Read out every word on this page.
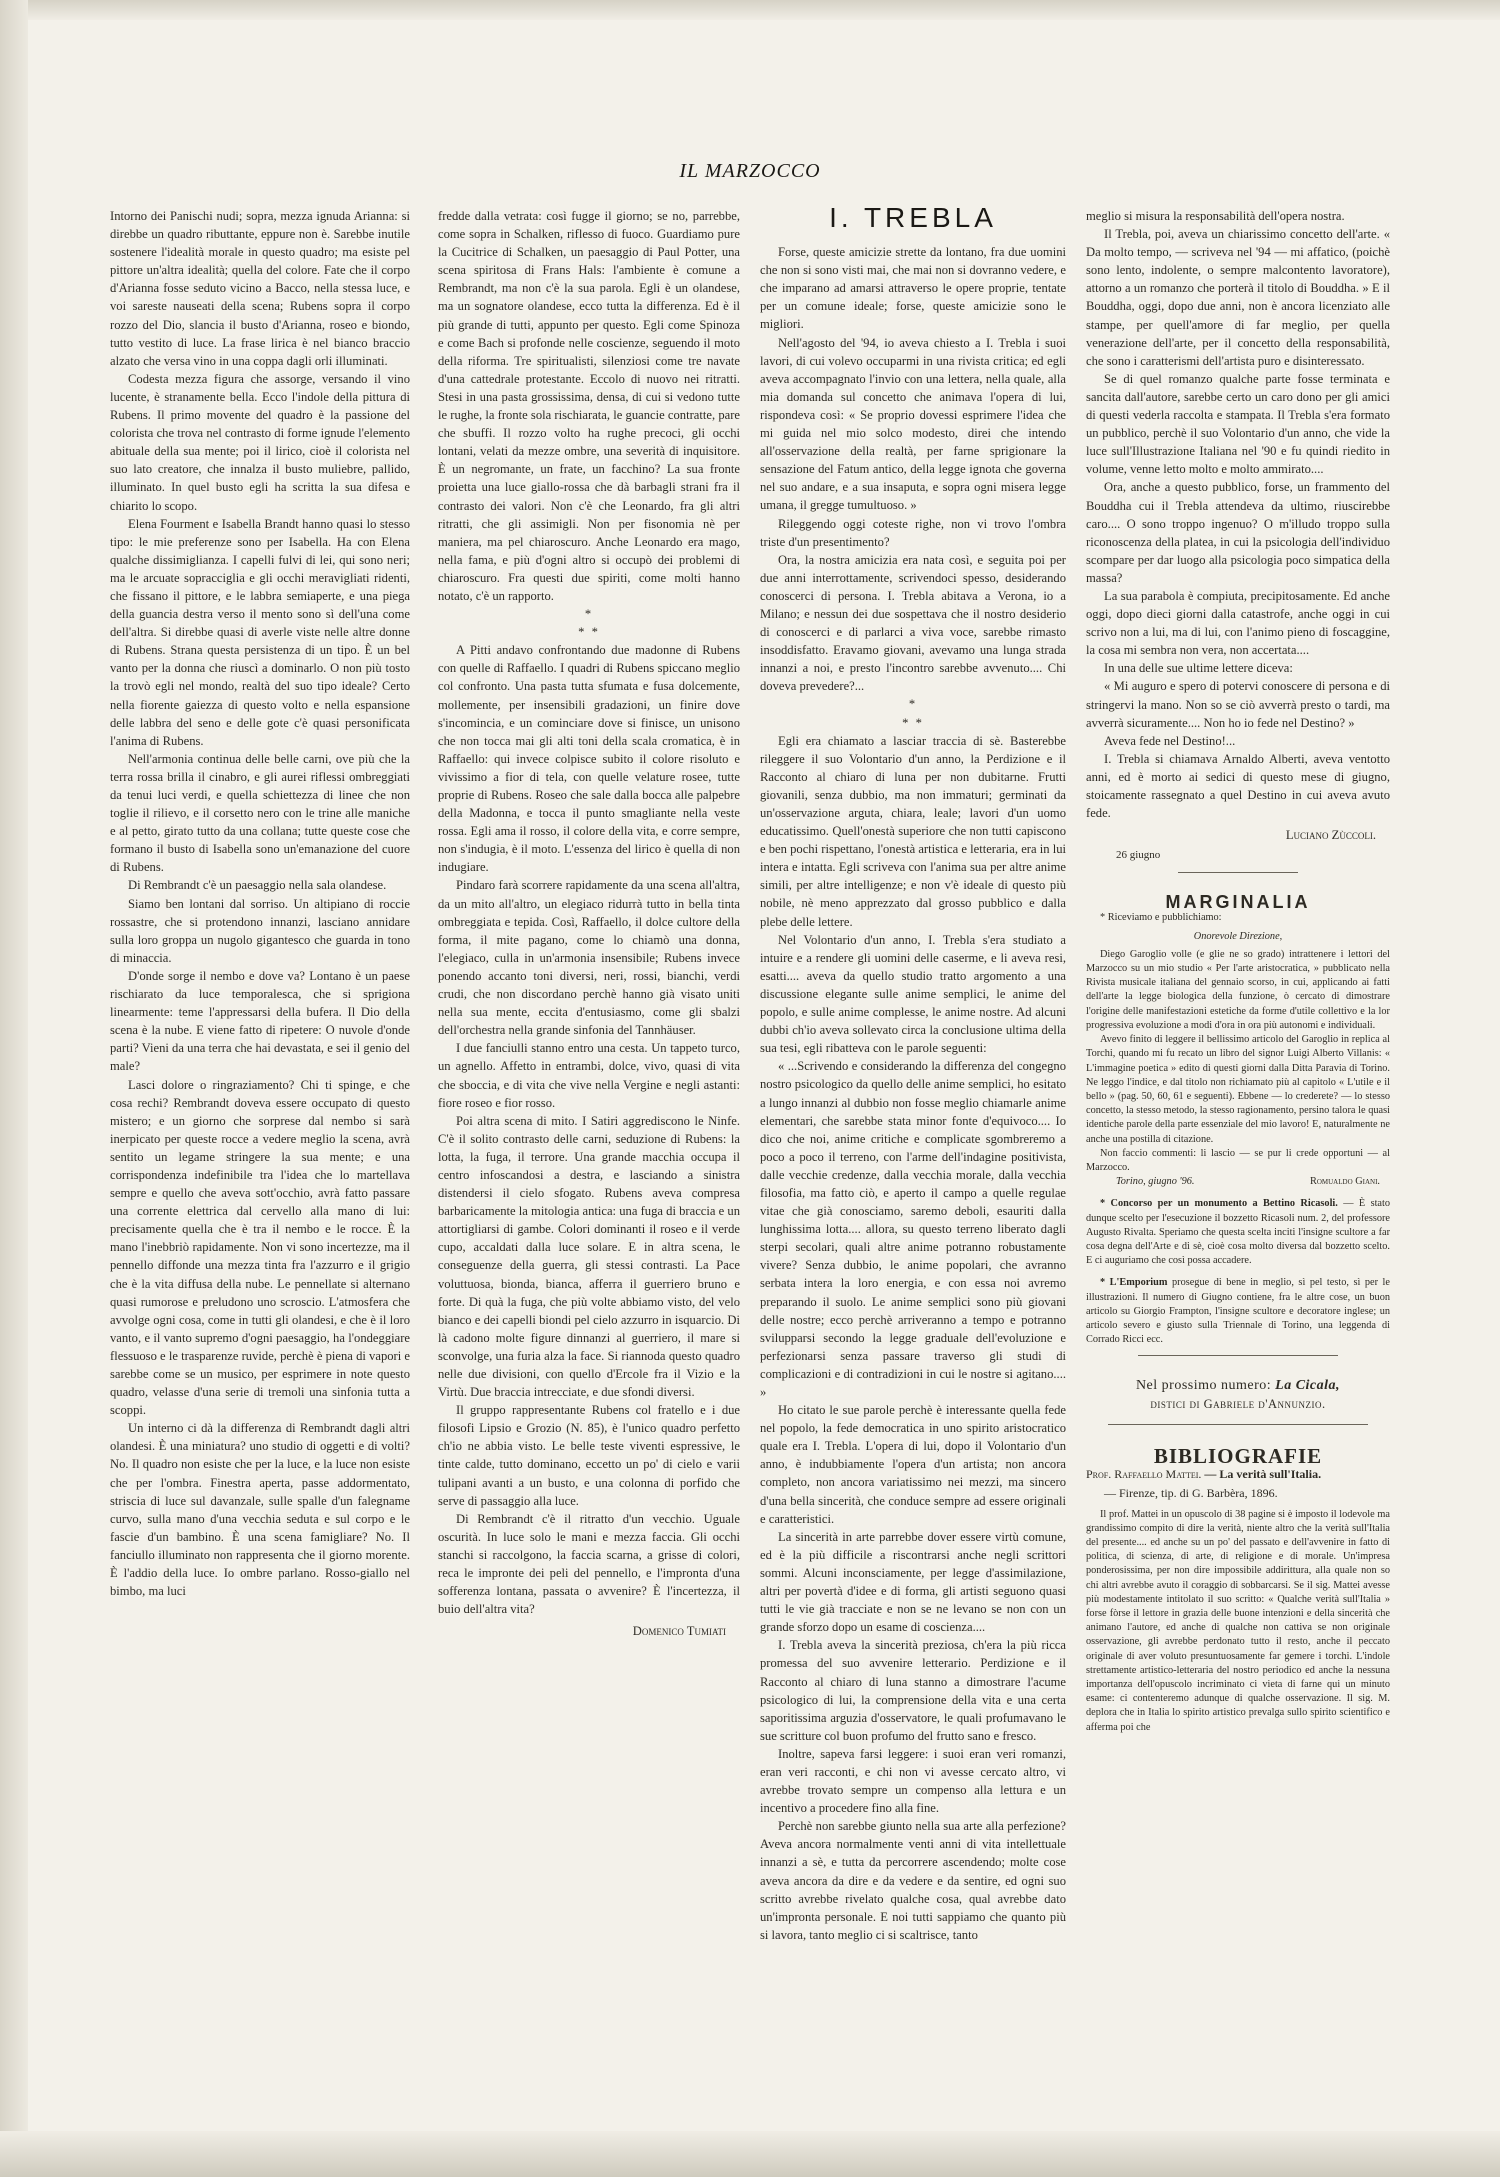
IL MARZOCCO

Intorno dei Panischi nudi; sopra, mezza ignuda Arianna: si direbbe un quadro ributtante, eppure non è. Sarebbe inutile sostenere l'idealità morale in questo quadro; ma esiste pel pittore un'altra idealità; quella del colore. Fate che il corpo d'Arianna fosse seduto vicino a Bacco, nella stessa luce, e voi sareste nauseati della scena; Rubens sopra il corpo rozzo del Dio, slancia il busto d'Arianna, roseo e biondo, tutto vestito di luce. La frase lirica è nel bianco braccio alzato che versa vino in una coppa dagli orli illuminati.

Codesta mezza figura che assorge, versando il vino lucente, è stranamente bella. Ecco l'indole della pittura di Rubens. Il primo movente del quadro è la passione del colorista che trova nel contrasto di forme ignude l'elemento abituale della sua mente; poi il lirico, cioè il colorista nel suo lato creatore, che innalza il busto muliebre, pallido, illuminato. In quel busto egli ha scritta la sua difesa e chiarito lo scopo.

Elena Fourment e Isabella Brandt hanno quasi lo stesso tipo: le mie preferenze sono per Isabella. Ha con Elena qualche dissimiglianza. I capelli fulvi di lei, qui sono neri; ma le arcuate sopracciglia e gli occhi meravigliati ridenti, che fissano il pittore, e le labbra semiaperte, e una piega della guancia destra verso il mento sono sì dell'una come dell'altra. Si direbbe quasi di averle viste nelle altre donne di Rubens. Strana questa persistenza di un tipo. È un bel vanto per la donna che riuscì a dominarlo. O non più tosto la trovò egli nel mondo, realtà del suo tipo ideale? Certo nella fiorente gaiezza di questo volto e nella espansione delle labbra del seno e delle gote c'è quasi personificata l'anima di Rubens.

Nell'armonia continua delle belle carni, ove più che la terra rossa brilla il cinabro, e gli aurei riflessi ombreggiati da tenui luci verdi, e quella schiettezza di linee che non toglie il rilievo, e il corsetto nero con le trine alle maniche e al petto, girato tutto da una collana; tutte queste cose che formano il busto di Isabella sono un'emanazione del cuore di Rubens.

Di Rembrandt c'è un paesaggio nella sala olandese.

Siamo ben lontani dal sorriso. Un altipiano di roccie rossastre, che si protendono innanzi, lasciano annidare sulla loro groppa un nugolo gigantesco che guarda in tono di minaccia.

D'onde sorge il nembo e dove va? Lontano è un paese rischiarato da luce temporalesca, che si sprigiona linearmente: teme l'appressarsi della bufera. Il Dio della scena è la nube. E viene fatto di ripetere: O nuvole d'onde parti? Vieni da una terra che hai devastata, e sei il genio del male?

Lasci dolore o ringraziamento? Chi ti spinge, e che cosa rechi? Rembrandt doveva essere occupato di questo mistero; e un giorno che sorprese dal nembo si sarà inerpicato per queste rocce a vedere meglio la scena, avrà sentito un legame stringere la sua mente; e una corrispondenza indefinibile tra l'idea che lo martellava sempre e quello che aveva sott'occhio, avrà fatto passare una corrente elettrica dal cervello alla mano di lui: precisamente quella che è tra il nembo e le rocce. È la mano l'inebbriò rapidamente. Non vi sono incertezze, ma il pennello diffonde una mezza tinta fra l'azzurro e il grigio che è la vita diffusa della nube. Le pennellate si alternano quasi rumorose e preludono uno scroscio. L'atmosfera che avvolge ogni cosa, come in tutti gli olandesi, e che è il loro vanto, e il vanto supremo d'ogni paesaggio, ha l'ondeggiare flessuoso e le trasparenze ruvide, perchè è piena di vapori e sarebbe come se un musico, per esprimere in note questo quadro, velasse d'una serie di tremoli una sinfonia tutta a scoppi.

Un interno ci dà la differenza di Rembrandt dagli altri olandesi. È una miniatura? uno studio di oggetti e di volti? No. Il quadro non esiste che per la luce, e la luce non esiste che per l'ombra. Finestra aperta, passe addormentato, striscia di luce sul davanzale, sulle spalle d'un falegname curvo, sulla mano d'una vecchia seduta e sul corpo e le fascie d'un bambino. È una scena famigliare? No. Il fanciullo illuminato non rappresenta che il giorno morente. È l'addio della luce. Io ombre parlano. Rosso-giallo nel bimbo, ma luci

fredde dalla vetrata: così fugge il giorno; se no, parrebbe, come sopra in Schalken, riflesso di fuoco. Guardiamo pure la Cucitrice di Schalken, un paesaggio di Paul Potter, una scena spiritosa di Frans Hals: l'ambiente è comune a Rembrandt, ma non c'è la sua parola. Egli è un olandese, ma un sognatore olandese, ecco tutta la differenza. Ed è il più grande di tutti, appunto per questo. Egli come Spinoza e come Bach si profonde nelle coscienze, seguendo il moto della riforma. Tre spiritualisti, silenziosi come tre navate d'una cattedrale protestante. Eccolo di nuovo nei ritratti. Stesi in una pasta grossissima, densa, di cui si vedono tutte le rughe, la fronte sola rischiarata, le guancie contratte, pare che sbuffi. Il rozzo volto ha rughe precoci, gli occhi lontani, velati da mezze ombre, una severità di inquisitore. È un negromante, un frate, un facchino? La sua fronte proietta una luce giallo-rossa che dà barbagli strani fra il contrasto dei valori. Non c'è che Leonardo, fra gli altri ritratti, che gli assimigli. Non per fisonomia nè per maniera, ma pel chiaroscuro. Anche Leonardo era mago, nella fama, e più d'ogni altro si occupò dei problemi di chiaroscuro. Fra questi due spiriti, come molti hanno notato, c'è un rapporto.

*
* *

A Pitti andavo confrontando due madonne di Rubens con quelle di Raffaello. I quadri di Rubens spiccano meglio col confronto. Una pasta tutta sfumata e fusa dolcemente, mollemente, per insensibili gradazioni, un finire dove s'incomincia, e un cominciare dove si finisce, un unisono che non tocca mai gli alti toni della scala cromatica, è in Raffaello: qui invece colpisce subito il colore risoluto e vivissimo a fior di tela, con quelle velature rosee, tutte proprie di Rubens. Roseo che sale dalla bocca alle palpebre della Madonna, e tocca il punto smagliante nella veste rossa. Egli ama il rosso, il colore della vita, e corre sempre, non s'indugia, è il moto. L'essenza del lirico è quella di non indugiare.

Pindaro farà scorrere rapidamente da una scena all'altra, da un mito all'altro, un elegiaco ridurrà tutto in bella tinta ombreggiata e tepida. Così, Raffaello, il dolce cultore della forma, il mite pagano, come lo chiamò una donna, l'elegiaco, culla in un'armonia insensibile; Rubens invece ponendo accanto toni diversi, neri, rossi, bianchi, verdi crudi, che non discordano perchè hanno già visato uniti nella sua mente, eccita d'entusiasmo, come gli sbalzi dell'orchestra nella grande sinfonia del Tannhäuser.

I due fanciulli stanno entro una cesta. Un tappeto turco, un agnello. Affetto in entrambi, dolce, vivo, quasi di vita che sboccia, e di vita che vive nella Vergine e negli astanti: fiore roseo e fior rosso.

Poi altra scena di mito. I Satiri aggrediscono le Ninfe. C'è il solito contrasto delle carni, seduzione di Rubens: la lotta, la fuga, il terrore. Una grande macchia occupa il centro infoscandosi a destra, e lasciando a sinistra distendersi il cielo sfogato. Rubens aveva compresa barbaricamente la mitologia antica: una fuga di braccia e un attortigliarsi di gambe. Colori dominanti il roseo e il verde cupo, accaldati dalla luce solare. E in altra scena, le conseguenze della guerra, gli stessi contrasti. La Pace voluttuosa, bionda, bianca, afferra il guerriero bruno e forte. Di quà la fuga, che più volte abbiamo visto, del velo bianco e dei capelli biondi pel cielo azzurro in isquarcio. Di là cadono molte figure dinnanzi al guerriero, il mare si sconvolge, una furia alza la face. Si riannoda questo quadro nelle due divisioni, con quello d'Ercole fra il Vizio e la Virtù. Due braccia intrecciate, e due sfondi diversi.

Il gruppo rappresentante Rubens col fratello e i due filosofi Lipsio e Grozio (N. 85), è l'unico quadro perfetto ch'io ne abbia visto. Le belle teste viventi espressive, le tinte calde, tutto dominano, eccetto un po' di cielo e varii tulipani avanti a un busto, e una colonna di porfido che serve di passaggio alla luce.

Di Rembrandt c'è il ritratto d'un vecchio. Uguale oscurità. In luce solo le mani e mezza faccia. Gli occhi stanchi si raccolgono, la faccia scarna, a grisse di colori, reca le impronte dei peli del pennello, e l'impronta d'una sofferenza lontana, passata o avvenire? È l'incertezza, il buio dell'altra vita?

Domenico Tumiati

I. TREBLA

Forse, queste amicizie strette da lontano, fra due uomini che non si sono visti mai, che mai non si dovranno vedere, e che imparano ad amarsi attraverso le opere proprie, tentate per un comune ideale; forse, queste amicizie sono le migliori.

Nell'agosto del '94, io aveva chiesto a I. Trebla i suoi lavori, di cui volevo occuparmi in una rivista critica; ed egli aveva accompagnato l'invio con una lettera, nella quale, alla mia domanda sul concetto che animava l'opera di lui, rispondeva così: « Se proprio dovessi esprimere l'idea che mi guida nel mio solco modesto, direi che intendo all'osservazione della realtà, per farne sprigionare la sensazione del Fatum antico, della legge ignota che governa nel suo andare, e a sua insaputa, e sopra ogni misera legge umana, il gregge tumultuoso. »

Rileggendo oggi coteste righe, non vi trovo l'ombra triste d'un presentimento?

Ora, la nostra amicizia era nata così, e seguita poi per due anni interrottamente, scrivendoci spesso, desiderando conoscerci di persona. I. Trebla abitava a Verona, io a Milano; e nessun dei due sospettava che il nostro desiderio di conoscerci e di parlarci a viva voce, sarebbe rimasto insoddisfatto. Eravamo giovani, avevamo una lunga strada innanzi a noi, e presto l'incontro sarebbe avvenuto.... Chi doveva prevedere?...

*
* *

Egli era chiamato a lasciar traccia di sè. Basterebbe rileggere il suo Volontario d'un anno, la Perdizione e il Racconto al chiaro di luna per non dubitarne. Frutti giovanili, senza dubbio, ma non immaturi; germinati da un'osservazione arguta, chiara, leale; lavori d'un uomo educatissimo. Quell'onestà superiore che non tutti capiscono e ben pochi rispettano, l'onestà artistica e letteraria, era in lui intera e intatta. Egli scriveva con l'anima sua per altre anime simili, per altre intelligenze; e non v'è ideale di questo più nobile, nè meno apprezzato dal grosso pubblico e dalla plebe delle lettere.

Nel Volontario d'un anno, I. Trebla s'era studiato a intuire e a rendere gli uomini delle caserme, e li aveva resi, esatti.... aveva da quello studio tratto argomento a una discussione elegante sulle anime semplici, le anime del popolo, e sulle anime complesse, le anime nostre. Ad alcuni dubbi ch'io aveva sollevato circa la conclusione ultima della sua tesi, egli ribatteva con le parole seguenti:

« ...Scrivendo e considerando la differenza del congegno nostro psicologico da quello delle anime semplici, ho esitato a lungo innanzi al dubbio non fosse meglio chiamarle anime elementari, che sarebbe stata minor fonte d'equivoco.... Io dico che noi, anime critiche e complicate sgombreremo a poco a poco il terreno, con l'arme dell'indagine positivista, dalle vecchie credenze, dalla vecchia morale, dalla vecchia filosofia, ma fatto ciò, e aperto il campo a quelle regulae vitae che già conosciamo, saremo deboli, esauriti dalla lunghissima lotta.... allora, su questo terreno liberato dagli sterpi secolari, quali altre anime potranno robustamente vivere? Senza dubbio, le anime popolari, che avranno serbata intera la loro energia, e con essa noi avremo preparando il suolo. Le anime semplici sono più giovani delle nostre; ecco perchè arriveranno a tempo e potranno svilupparsi secondo la legge graduale dell'evoluzione e perfezionarsi senza passare traverso gli studi di complicazioni e di contradizioni in cui le nostre si agitano.... »

Ho citato le sue parole perchè è interessante quella fede nel popolo, la fede democratica in uno spirito aristocratico quale era I. Trebla. L'opera di lui, dopo il Volontario d'un anno, è indubbiamente l'opera d'un artista; non ancora completo, non ancora variatissimo nei mezzi, ma sincero d'una bella sincerità, che conduce sempre ad essere originali e caratteristici.

La sincerità in arte parrebbe dover essere virtù comune, ed è la più difficile a riscontrarsi anche negli scrittori sommi. Alcuni inconsciamente, per legge d'assimilazione, altri per povertà d'idee e di forma, gli artisti seguono quasi tutti le vie già tracciate e non se ne levano se non con un grande sforzo dopo un esame di coscienza....

I. Trebla aveva la sincerità preziosa, ch'era la più ricca promessa del suo avvenire letterario. Perdizione e il Racconto al chiaro di luna stanno a dimostrare l'acume psicologico di lui, la comprensione della vita e una certa saporitissima arguzia d'osservatore, le quali profumavano le sue scritture col buon profumo del frutto sano e fresco.

Inoltre, sapeva farsi leggere: i suoi eran veri romanzi, eran veri racconti, e chi non vi avesse cercato altro, vi avrebbe trovato sempre un compenso alla lettura e un incentivo a procedere fino alla fine.

Perchè non sarebbe giunto nella sua arte alla perfezione? Aveva ancora normalmente venti anni di vita intellettuale innanzi a sè, e tutta da percorrere ascendendo; molte cose aveva ancora da dire e da vedere e da sentire, ed ogni suo scritto avrebbe rivelato qualche cosa, qual avrebbe dato un'impronta personale. E noi tutti sappiamo che quanto più si lavora, tanto meglio ci si scaltrisce, tanto

meglio si misura la responsabilità dell'opera nostra.

Il Trebla, poi, aveva un chiarissimo concetto dell'arte. « Da molto tempo, — scriveva nel '94 — mi affatico, (poichè sono lento, indolente, o sempre malcontento lavoratore), attorno a un romanzo che porterà il titolo di Bouddha. » E il Bouddha, oggi, dopo due anni, non è ancora licenziato alle stampe, per quell'amore di far meglio, per quella venerazione dell'arte, per il concetto della responsabilità, che sono i caratterismi dell'artista puro e disinteressato.

Se di quel romanzo qualche parte fosse terminata e sancita dall'autore, sarebbe certo un caro dono per gli amici di questi vederla raccolta e stampata. Il Trebla s'era formato un pubblico, perchè il suo Volontario d'un anno, che vide la luce sull'Illustrazione Italiana nel '90 e fu quindi riedito in volume, venne letto molto e molto ammirato....

Ora, anche a questo pubblico, forse, un frammento del Bouddha cui il Trebla attendeva da ultimo, riuscirebbe caro.... O sono troppo ingenuo? O m'illudo troppo sulla riconoscenza della platea, in cui la psicologia dell'individuo scompare per dar luogo alla psicologia poco simpatica della massa?

La sua parabola è compiuta, precipitosamente. Ed anche oggi, dopo dieci giorni dalla catastrofe, anche oggi in cui scrivo non a lui, ma di lui, con l'animo pieno di foscaggine, la cosa mi sembra non vera, non accertata....

In una delle sue ultime lettere diceva:

« Mi auguro e spero di potervi conoscere di persona e di stringervi la mano. Non so se ciò avverrà presto o tardi, ma avverrà sicuramente.... Non ho io fede nel Destino? »

Aveva fede nel Destino!...

I. Trebla si chiamava Arnaldo Alberti, aveva ventotto anni, ed è morto ai sedici di questo mese di giugno, stoicamente rassegnato a quel Destino in cui aveva avuto fede.

Luciano Zùccoli.

26 giugno

MARGINALIA

* Riceviamo e pubblichiamo:

Onorevole Direzione,

Diego Garoglio volle (e glie ne so grado) intrattenere i lettori del Marzocco su un mio studio « Per l'arte aristocratica, » pubblicato nella Rivista musicale italiana del gennaio scorso, in cui, applicando ai fatti dell'arte la legge biologica della funzione, ò cercato di dimostrare l'origine delle manifestazioni estetiche da forme d'utile collettivo e la lor progressiva evoluzione a modi d'ora in ora più autonomi e individuali.

Avevo finito di leggere il bellissimo articolo del Garoglio in replica al Torchi, quando mi fu recato un libro del signor Luigi Alberto Villanis: « L'immagine poetica » edito di questi giorni dalla Ditta Paravia di Torino. Ne leggo l'indice, e dal titolo non richiamato più al capitolo « L'utile e il bello » (pag. 50, 60, 61 e seguenti). Ebbene — lo crederete? — lo stesso concetto, la stesso metodo, la stesso ragionamento, persino talora le quasi identiche parole della parte essenziale del mio lavoro! E, naturalmente ne anche una postilla di citazione.

Non faccio commenti: li lascio — se pur li crede opportuni — al Marzocco.

Torino, giugno '96.	Romualdo Giani.

* Concorso per un monumento a Bettino Ricasoli. — È stato dunque scelto per l'esecuzione il bozzetto Ricasoli num. 2, del professore Augusto Rivalta. Speriamo che questa scelta inciti l'insigne scultore a far cosa degna dell'Arte e di sè, cioè cosa molto diversa dal bozzetto scelto. E ci auguriamo che così possa accadere.

* L'Emporium prosegue di bene in meglio, sì pel testo, sì per le illustrazioni. Il numero di Giugno contiene, fra le altre cose, un buon articolo su Giorgio Frampton, l'insigne scultore e decoratore inglese; un articolo severo e giusto sulla Triennale di Torino, una leggenda di Corrado Ricci ecc.

Nel prossimo numero: La Cicala,
distici di Gabriele d'Annunzio.

BIBLIOGRAFIE

Prof. Raffaello Mattei. — La verità sull'Italia.
— Firenze, tip. di G. Barbèra, 1896.

Il prof. Mattei in un opuscolo di 38 pagine si è imposto il lodevole ma grandissimo compito di dire la verità, niente altro che la verità sull'Italia del presente.... ed anche su un po' del passato e dell'avvenire in fatto di politica, di scienza, di arte, di religione e di morale. Un'impresa ponderosissima, per non dire impossibile addirittura, alla quale non so chi altri avrebbe avuto il coraggio di sobbarcarsi. Se il sig. Mattei avesse più modestamente intitolato il suo scritto: « Qualche verità sull'Italia » forse fòrse il lettore in grazia delle buone intenzioni e della sincerità che animano l'autore, ed anche di qualche non cattiva se non originale osservazione, gli avrebbe perdonato tutto il resto, anche il peccato originale di aver voluto presuntuosamente far gemere i torchi. L'indole strettamente artistico-letteraria del nostro periodico ed anche la nessuna importanza dell'opuscolo incriminato ci vieta di farne qui un minuto esame: ci contenteremo adunque di qualche osservazione. Il sig. M. deplora che in Italia lo spirito artistico prevalga sullo spirito scientifico e afferma poi che
